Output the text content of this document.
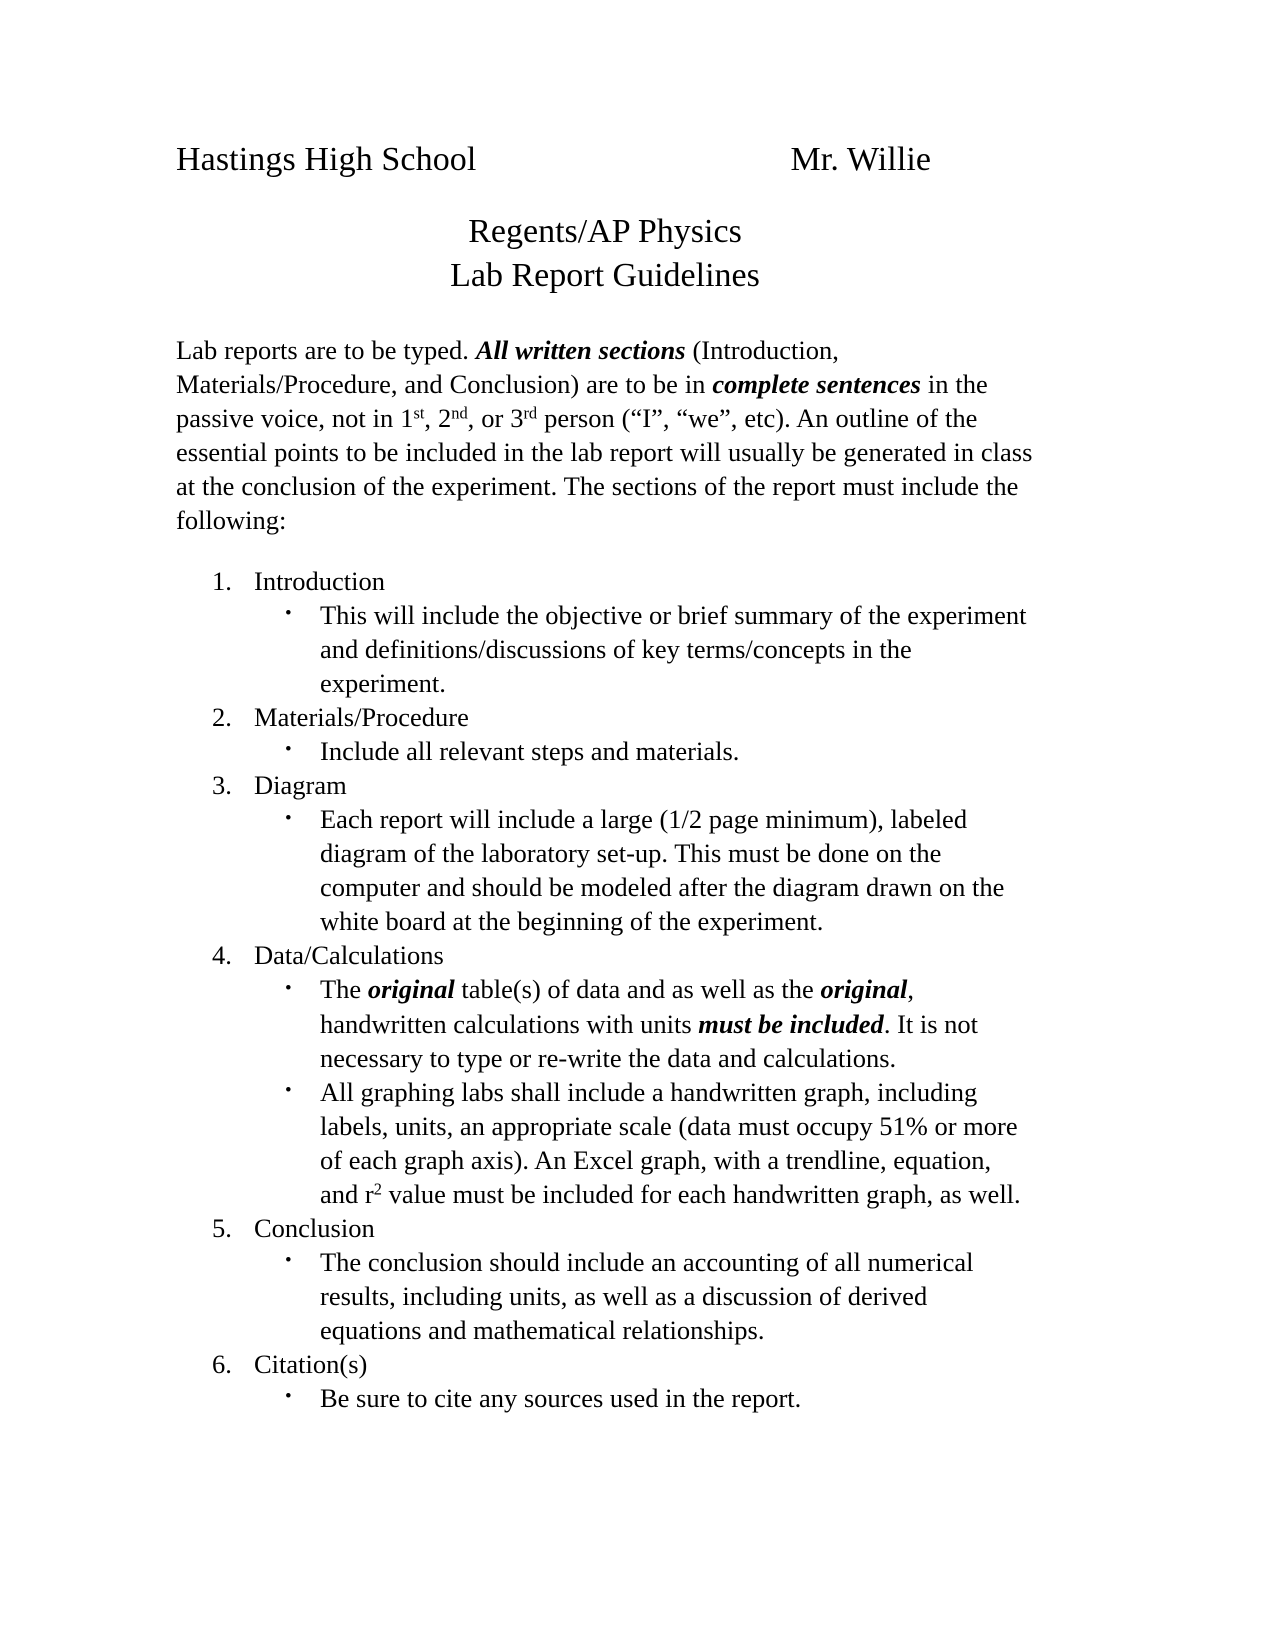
Hastings High School	Mr. Willie
Regents/AP Physics
Lab Report Guidelines

Lab reports are to be typed. All written sections (Introduction, Materials/Procedure, and Conclusion) are to be in complete sentences in the passive voice, not in 1st, 2nd, or 3rd person (“I”, “we”, etc). An outline of the essential points to be included in the lab report will usually be generated in class at the conclusion of the experiment. The sections of the report must include the following:

1. Introduction
• This will include the objective or brief summary of the experiment and definitions/discussions of key terms/concepts in the experiment.
2. Materials/Procedure
• Include all relevant steps and materials.
3. Diagram
• Each report will include a large (1/2 page minimum), labeled diagram of the laboratory set-up. This must be done on the computer and should be modeled after the diagram drawn on the white board at the beginning of the experiment.
4. Data/Calculations
• The original table(s) of data and as well as the original, handwritten calculations with units must be included. It is not necessary to type or re-write the data and calculations.
• All graphing labs shall include a handwritten graph, including labels, units, an appropriate scale (data must occupy 51% or more of each graph axis). An Excel graph, with a trendline, equation, and $r^2$ value must be included for each handwritten graph, as well.
5. Conclusion
• The conclusion should include an accounting of all numerical results, including units, as well as a discussion of derived equations and mathematical relationships.
6. Citation(s)
• Be sure to cite any sources used in the report.
